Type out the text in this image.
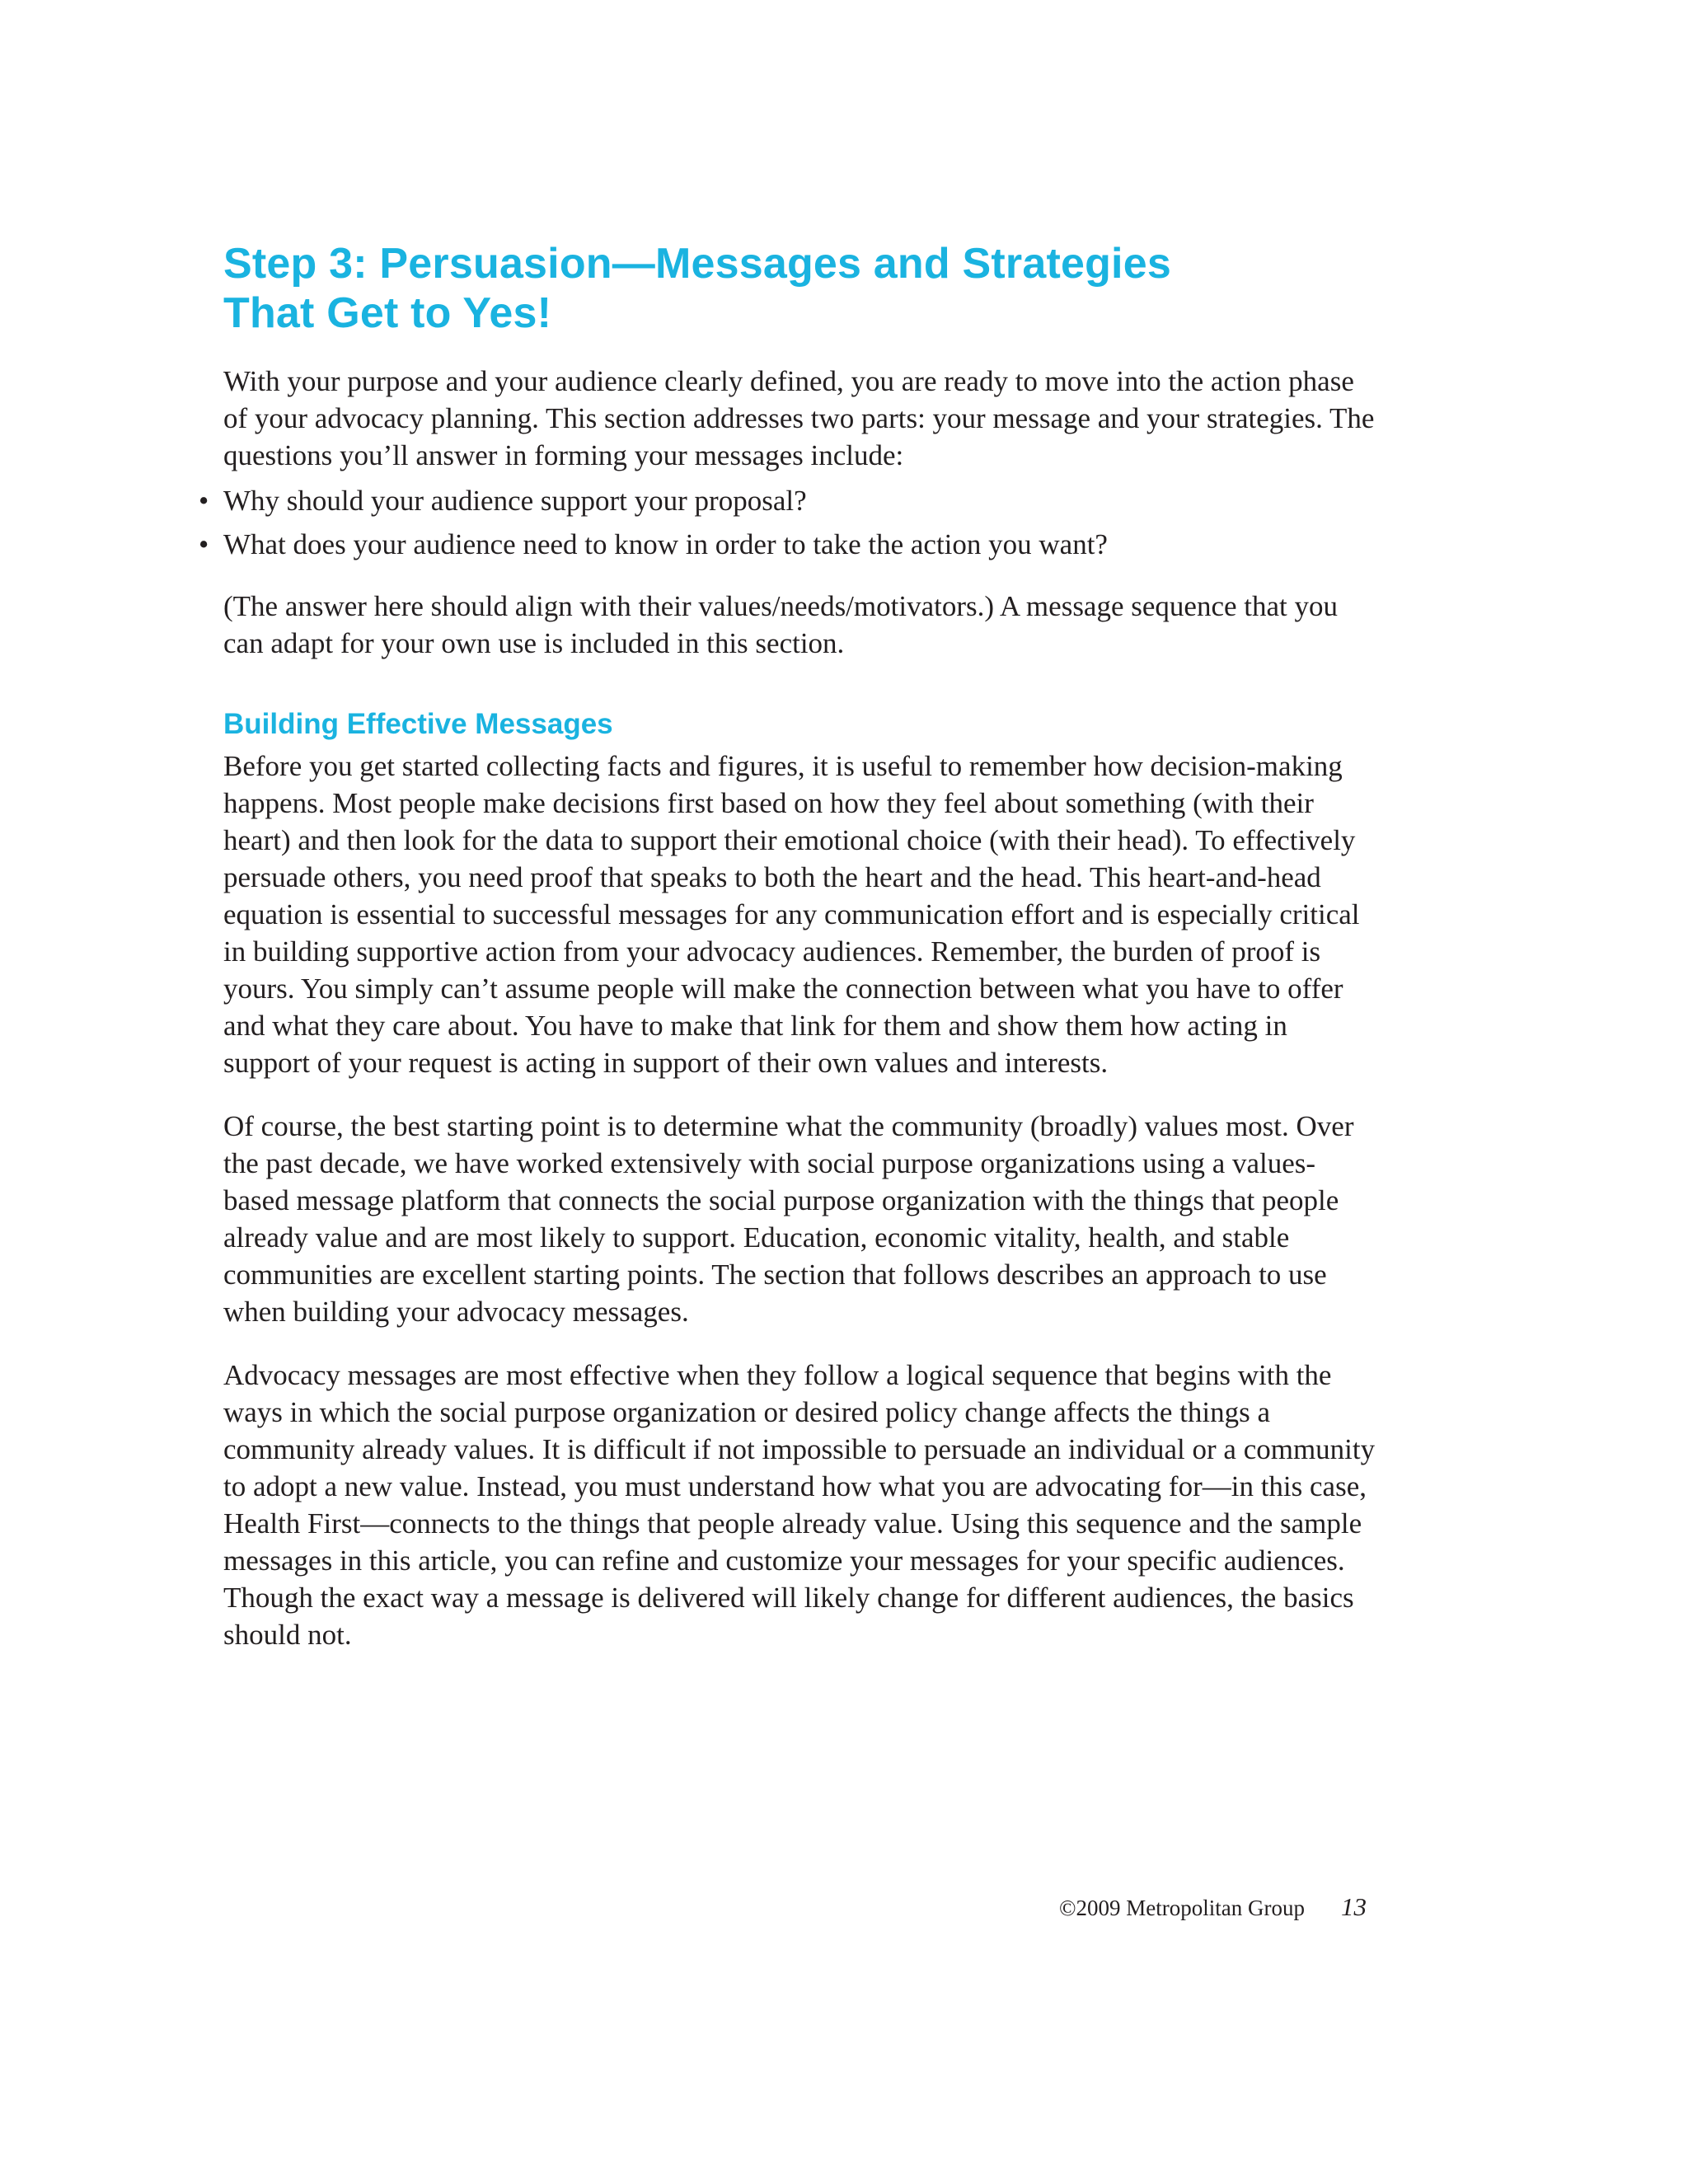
Step 3: Persuasion—Messages and Strategies
That Get to Yes!

With your purpose and your audience clearly defined, you are ready to move into the action phase of your advocacy planning. This section addresses two parts: your message and your strategies. The questions you’ll answer in forming your messages include:

• Why should your audience support your proposal?
• What does your audience need to know in order to take the action you want?

(The answer here should align with their values/needs/motivators.) A message sequence that you can adapt for your own use is included in this section.

Building Effective Messages

Before you get started collecting facts and figures, it is useful to remember how decision-making happens. Most people make decisions first based on how they feel about something (with their heart) and then look for the data to support their emotional choice (with their head). To effectively persuade others, you need proof that speaks to both the heart and the head. This heart-and-head equation is essential to successful messages for any communication effort and is especially critical in building supportive action from your advocacy audiences. Remember, the burden of proof is yours. You simply can’t assume people will make the connection between what you have to offer and what they care about. You have to make that link for them and show them how acting in support of your request is acting in support of their own values and interests.

Of course, the best starting point is to determine what the community (broadly) values most. Over the past decade, we have worked extensively with social purpose organizations using a values-based message platform that connects the social purpose organization with the things that people already value and are most likely to support. Education, economic vitality, health, and stable communities are excellent starting points. The section that follows describes an approach to use when building your advocacy messages.

Advocacy messages are most effective when they follow a logical sequence that begins with the ways in which the social purpose organization or desired policy change affects the things a community already values. It is difficult if not impossible to persuade an individual or a community to adopt a new value. Instead, you must understand how what you are advocating for—in this case, Health First—connects to the things that people already value. Using this sequence and the sample messages in this article, you can refine and customize your messages for your specific audiences. Though the exact way a message is delivered will likely change for different audiences, the basics should not.

©2009 Metropolitan Group 13
